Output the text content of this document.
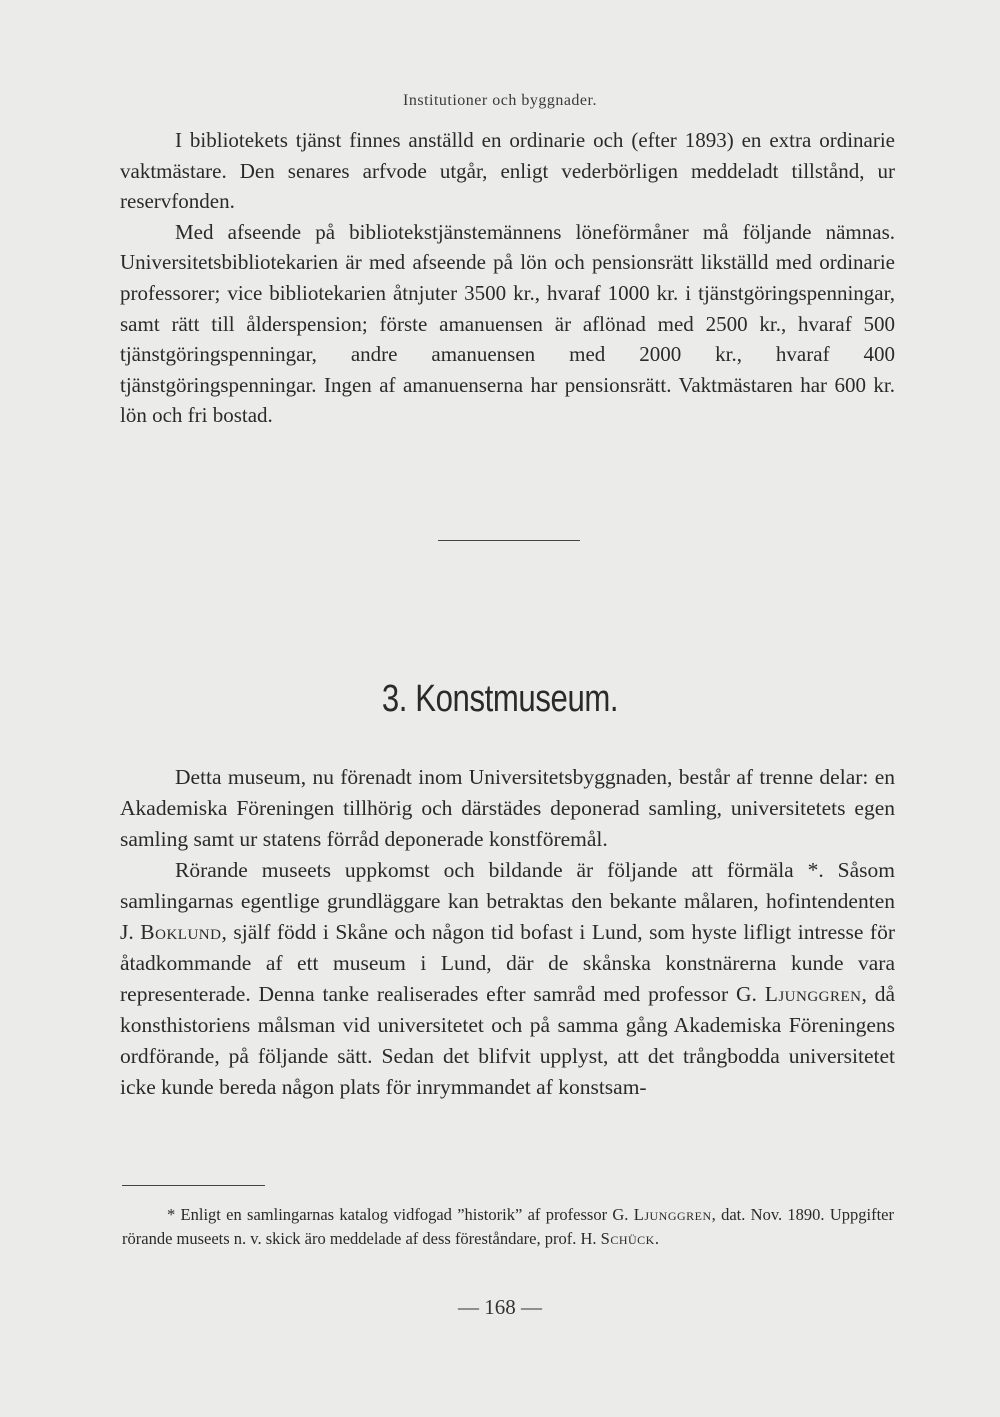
Institutioner och byggnader.

I bibliotekets tjänst finnes anställd en ordinarie och (efter 1893) en extra ordinarie vaktmästare. Den senares arfvode utgår, enligt vederbörligen meddeladt tillstånd, ur reservfonden.

Med afseende på bibliotekstjänstemännens löneförmåner må följande nämnas. Universitetsbibliotekarien är med afseende på lön och pensionsrätt likställd med ordinarie professorer; vice bibliotekarien åtnjuter 3500 kr., hvaraf 1000 kr. i tjänstgöringspenningar, samt rätt till ålderspension; förste amanuensen är aflönad med 2500 kr., hvaraf 500 tjänstgöringspenningar, andre amanuensen med 2000 kr., hvaraf 400 tjänstgöringspenningar. Ingen af amanuenserna har pensionsrätt. Vaktmästaren har 600 kr. lön och fri bostad.

3. Konstmuseum.

Detta museum, nu förenadt inom Universitetsbyggnaden, består af trenne delar: en Akademiska Föreningen tillhörig och därstädes deponerad samling, universitetets egen samling samt ur statens förråd deponerade konstföremål.

Rörande museets uppkomst och bildande är följande att förmäla *. Såsom samlingarnas egentlige grundläggare kan betraktas den bekante målaren, hofintendenten J. Boklund, själf född i Skåne och någon tid bofast i Lund, som hyste lifligt intresse för åtadkommande af ett museum i Lund, där de skånska konstnärerna kunde vara representerade. Denna tanke realiserades efter samråd med professor G. Ljunggren, då konsthistoriens målsman vid universitetet och på samma gång Akademiska Föreningens ordförande, på följande sätt. Sedan det blifvit upplyst, att det trångbodda universitetet icke kunde bereda någon plats för inrymmandet af konstsam-

* Enligt en samlingarnas katalog vidfogad ”historik” af professor G. Ljunggren, dat. Nov. 1890. Uppgifter rörande museets n. v. skick äro meddelade af dess föreståndare, prof. H. Schück.

— 168 —
